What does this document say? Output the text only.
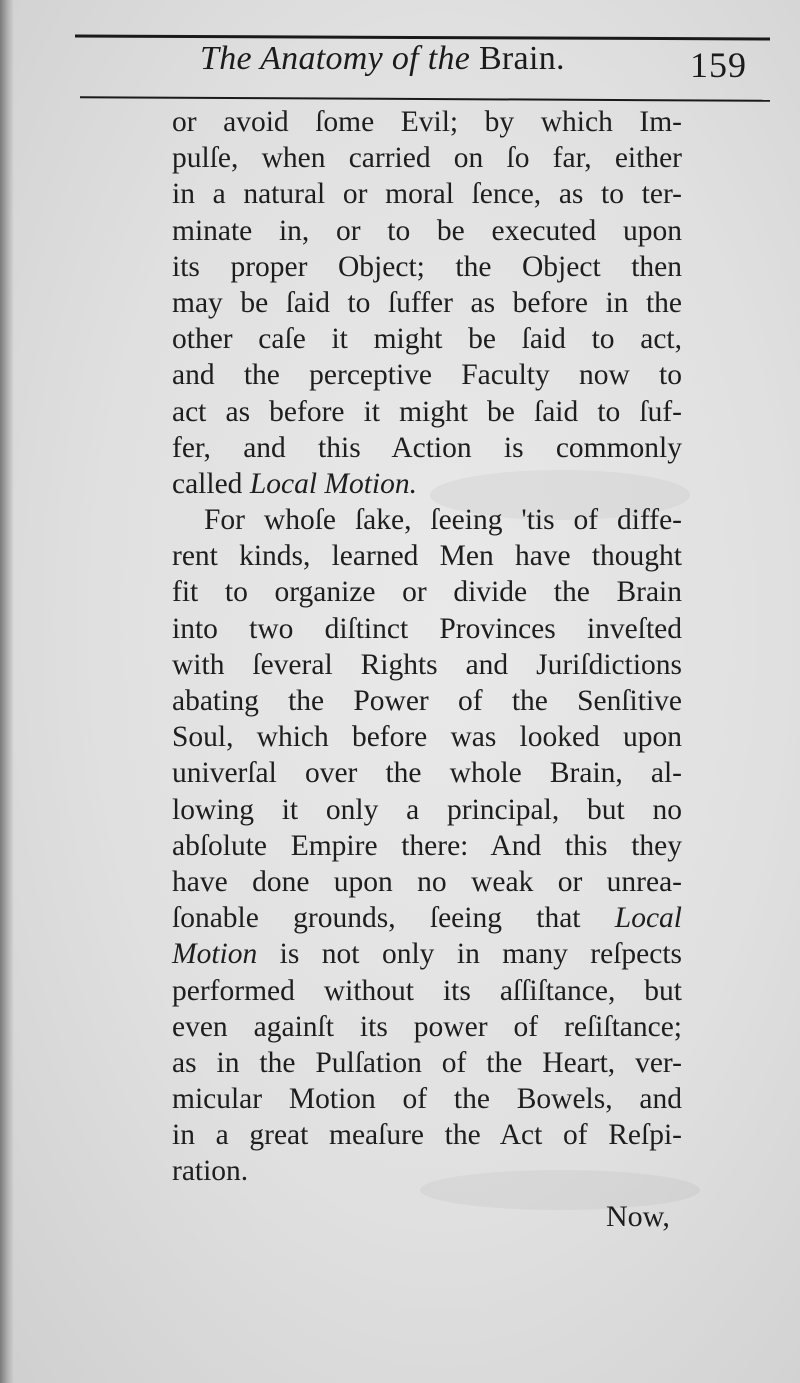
The Anatomy of the Brain.	159
or avoid ſome Evil; by which Im-
pulſe, when carried on ſo far, either
in a natural or moral ſence, as to ter-
minate in, or to be executed upon
its proper Object; the Object then
may be ſaid to ſuffer as before in the
other caſe it might be ſaid to act,
and the perceptive Faculty now to
act as before it might be ſaid to ſuf-
fer, and this Action is commonly
called Local Motion.
For whoſe ſake, ſeeing 'tis of diffe-
rent kinds, learned Men have thought
fit to organize or divide the Brain
into two diſtinct Provinces inveſted
with ſeveral Rights and Juriſdictions
abating the Power of the Senſitive
Soul, which before was looked upon
univerſal over the whole Brain, al-
lowing it only a principal, but no
abſolute Empire there: And this they
have done upon no weak or unrea-
ſonable grounds, ſeeing that Local
Motion is not only in many reſpects
performed without its aſſiſtance, but
even againſt its power of reſiſtance;
as in the Pulſation of the Heart, ver-
micular Motion of the Bowels, and
in a great meaſure the Act of Reſpi-
ration.
Now,
